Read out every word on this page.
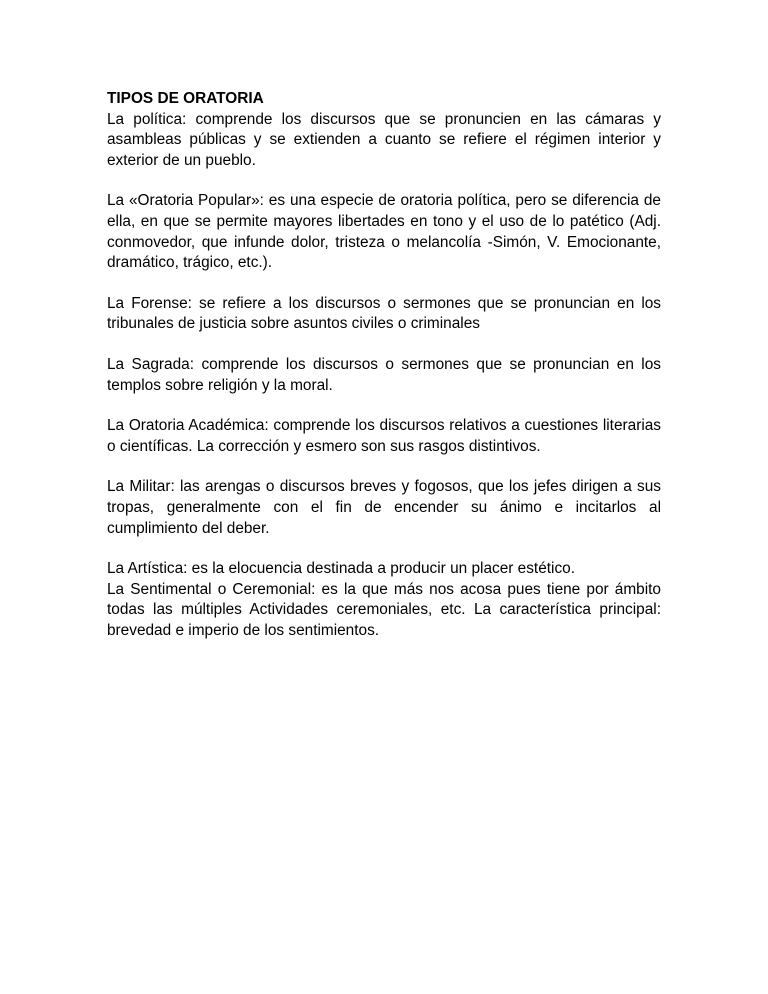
TIPOS DE ORATORIA

La política: comprende los discursos que se pronuncien en las cámaras y asambleas públicas y se extienden a cuanto se refiere el régimen interior y exterior de un pueblo.

La «Oratoria Popular»: es una especie de oratoria política, pero se diferencia de ella, en que se permite mayores libertades en tono y el uso de lo patético (Adj. conmovedor, que infunde dolor, tristeza o melancolía -Simón, V. Emocionante, dramático, trágico, etc.).

La Forense: se refiere a los discursos o sermones que se pronuncian en los tribunales de justicia sobre asuntos civiles o criminales

La Sagrada: comprende los discursos o sermones que se pronuncian en los templos sobre religión y la moral.

La Oratoria Académica: comprende los discursos relativos a cuestiones literarias o científicas. La corrección y esmero son sus rasgos distintivos.

La Militar: las arengas o discursos breves y fogosos, que los jefes dirigen a sus tropas, generalmente con el fin de encender su ánimo e incitarlos al cumplimiento del deber.

La Artística: es la elocuencia destinada a producir un placer estético.

La Sentimental o Ceremonial: es la que más nos acosa pues tiene por ámbito todas las múltiples Actividades ceremoniales, etc. La característica principal: brevedad e imperio de los sentimientos.
